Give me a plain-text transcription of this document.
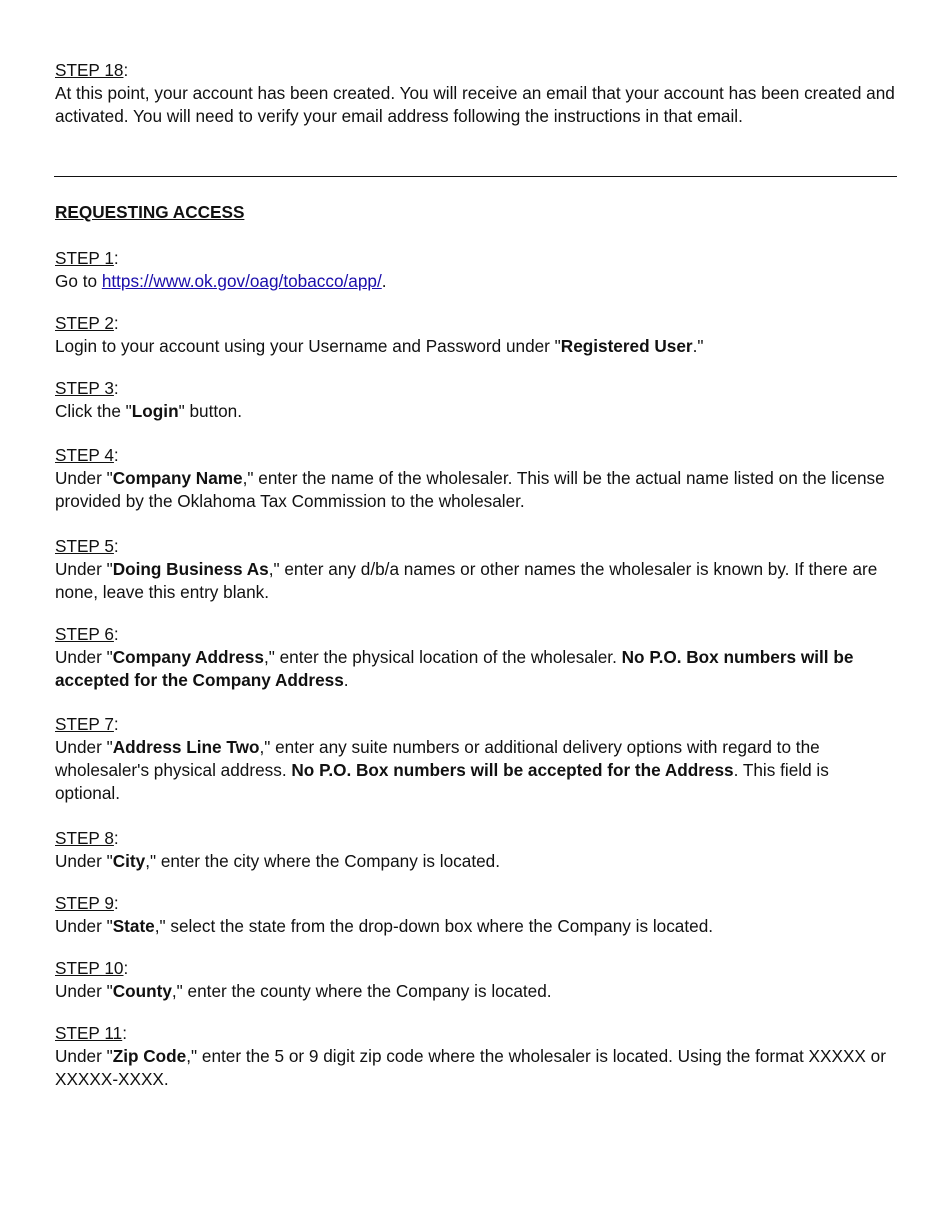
STEP 18:
At this point, your account has been created. You will receive an email that your account has been created and activated. You will need to verify your email address following the instructions in that email.
REQUESTING ACCESS
STEP 1:
Go to https://www.ok.gov/oag/tobacco/app/.
STEP 2:
Login to your account using your Username and Password under "Registered User."
STEP 3:
Click the "Login" button.
STEP 4:
Under "Company Name," enter the name of the wholesaler. This will be the actual name listed on the license provided by the Oklahoma Tax Commission to the wholesaler.
STEP 5:
Under "Doing Business As," enter any d/b/a names or other names the wholesaler is known by. If there are none, leave this entry blank.
STEP 6:
Under "Company Address," enter the physical location of the wholesaler. No P.O. Box numbers will be accepted for the Company Address.
STEP 7:
Under "Address Line Two," enter any suite numbers or additional delivery options with regard to the wholesaler's physical address. No P.O. Box numbers will be accepted for the Address. This field is optional.
STEP 8:
Under "City," enter the city where the Company is located.
STEP 9:
Under "State," select the state from the drop-down box where the Company is located.
STEP 10:
Under "County," enter the county where the Company is located.
STEP 11:
Under "Zip Code," enter the 5 or 9 digit zip code where the wholesaler is located. Using the format XXXXX or XXXXX-XXXX.
